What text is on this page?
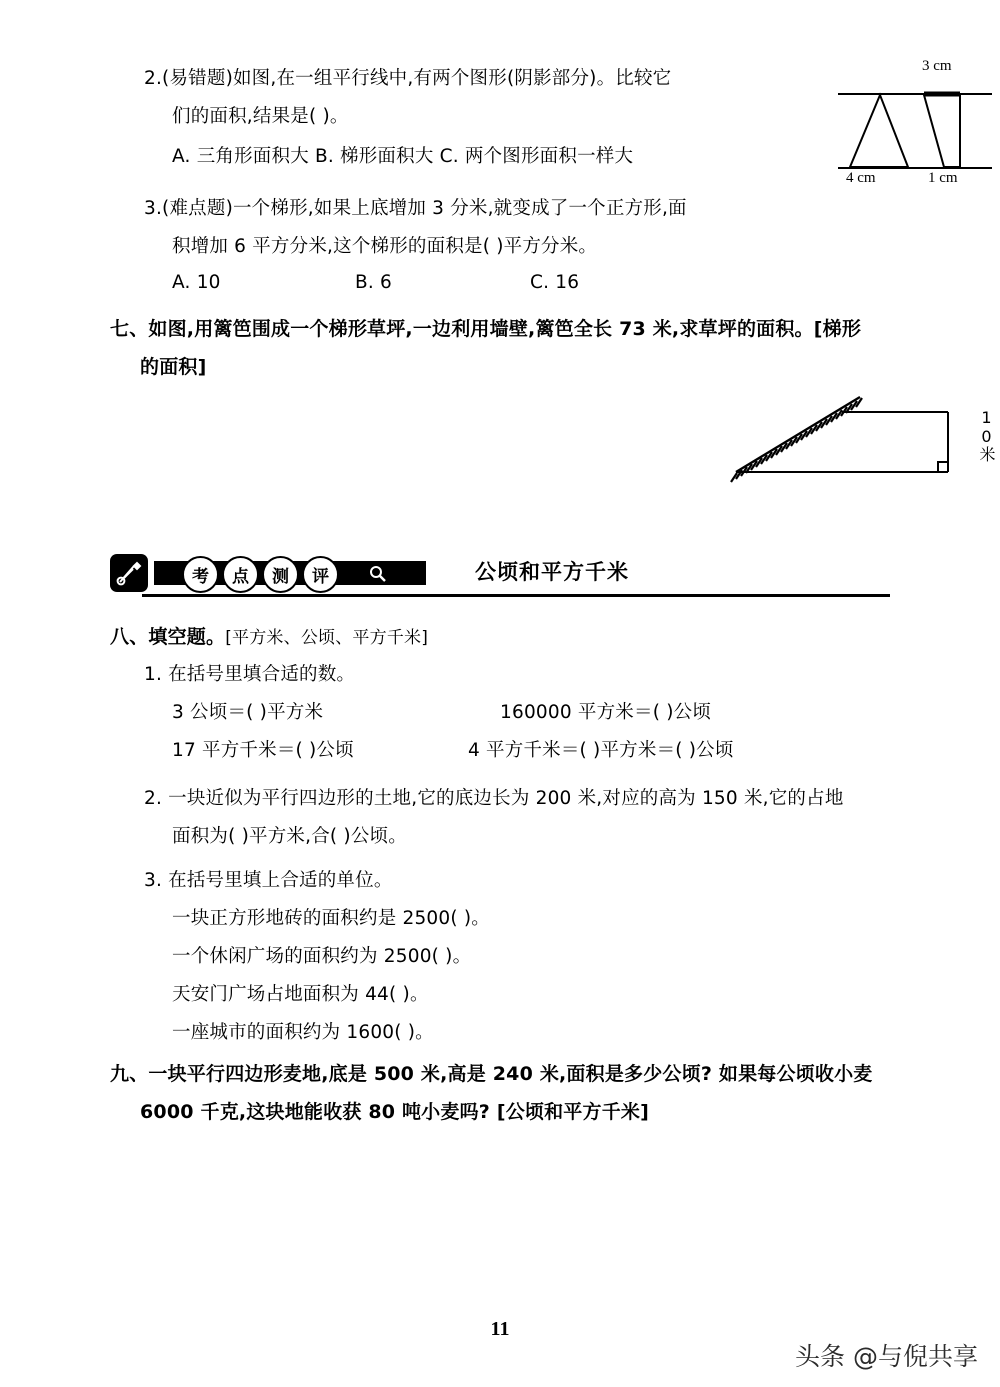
2.(易错题)如图,在一组平行线中,有两个图形(阴影部分)。比较它
们的面积,结果是( )。
A. 三角形面积大 B. 梯形面积大 C. 两个图形面积一样大
3 cm
4 cm	1 cm
3.(难点题)一个梯形,如果上底增加 3 分米,就变成了一个正方形,面
积增加 6 平方分米,这个梯形的面积是( )平方分米。
A. 10	B. 6	C. 16
七、如图,用篱笆围成一个梯形草坪,一边利用墙壁,篱笆全长 73 米,求草坪的面积。[梯形
的面积]
10米
考	点	测	评	公顷和平方千米
八、填空题。[平方米、公顷、平方千米]
1. 在括号里填合适的数。
3 公顷＝( )平方米	160000 平方米＝( )公顷
17 平方千米＝( )公顷	4 平方千米＝( )平方米＝( )公顷
2. 一块近似为平行四边形的土地,它的底边长为 200 米,对应的高为 150 米,它的占地
面积为( )平方米,合( )公顷。
3. 在括号里填上合适的单位。
一块正方形地砖的面积约是 2500( )。
一个休闲广场的面积约为 2500( )。
天安门广场占地面积为 44( )。
一座城市的面积约为 1600( )。
九、一块平行四边形麦地,底是 500 米,高是 240 米,面积是多少公顷? 如果每公顷收小麦
6000 千克,这块地能收获 80 吨小麦吗? [公顷和平方千米]
11
头条 @与倪共享
